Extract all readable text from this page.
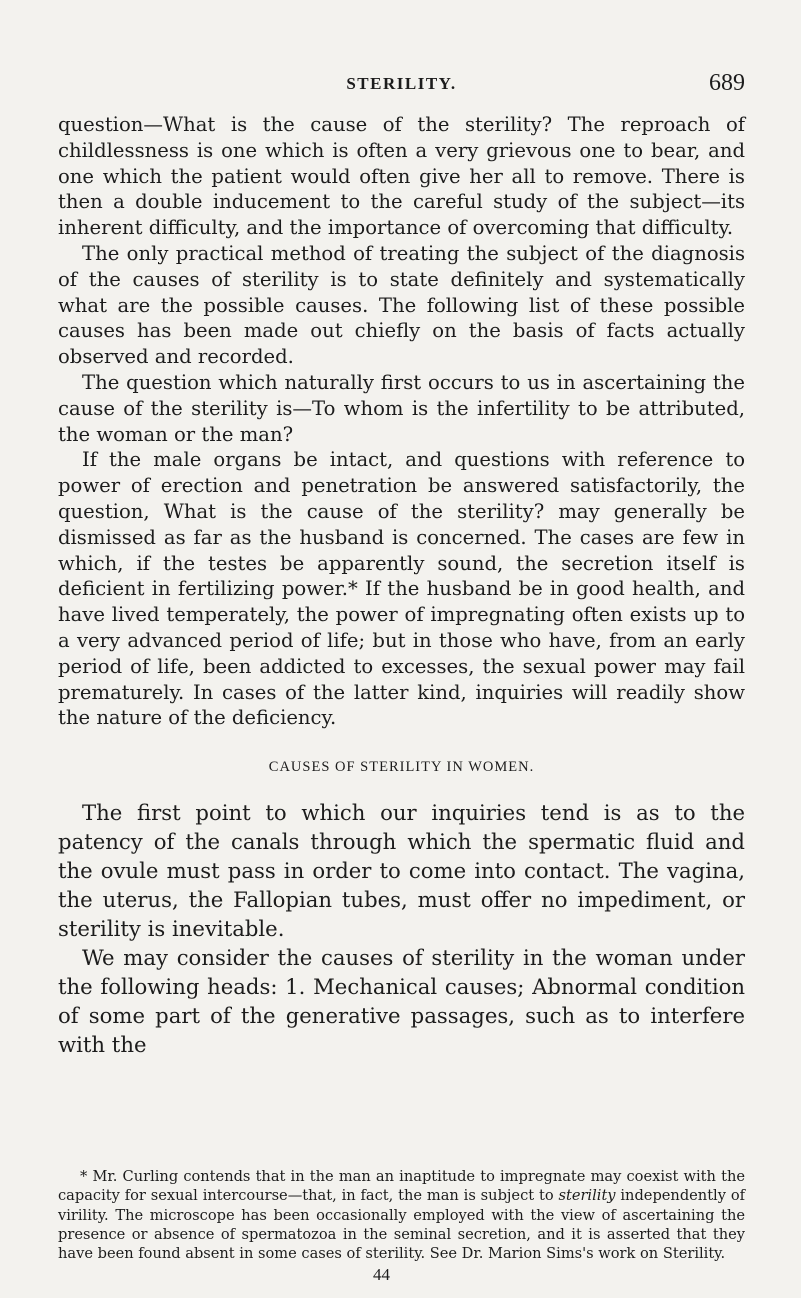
STERILITY.	689

question—What is the cause of the sterility? The reproach of childlessness is one which is often a very grievous one to bear, and one which the patient would often give her all to remove. There is then a double inducement to the careful study of the subject—its inherent difficulty, and the importance of overcoming that difficulty.

The only practical method of treating the subject of the diagnosis of the causes of sterility is to state definitely and systematically what are the possible causes. The following list of these possible causes has been made out chiefly on the basis of facts actually observed and recorded.

The question which naturally first occurs to us in ascertaining the cause of the sterility is—To whom is the infertility to be attributed, the woman or the man?

If the male organs be intact, and questions with reference to power of erection and penetration be answered satisfactorily, the question, What is the cause of the sterility? may generally be dismissed as far as the husband is concerned. The cases are few in which, if the testes be apparently sound, the secretion itself is deficient in fertilizing power.* If the husband be in good health, and have lived temperately, the power of impregnating often exists up to a very advanced period of life; but in those who have, from an early period of life, been addicted to excesses, the sexual power may fail prematurely. In cases of the latter kind, inquiries will readily show the nature of the deficiency.

CAUSES OF STERILITY IN WOMEN.

The first point to which our inquiries tend is as to the patency of the canals through which the spermatic fluid and the ovule must pass in order to come into contact. The vagina, the uterus, the Fallopian tubes, must offer no impediment, or sterility is inevitable.

We may consider the causes of sterility in the woman under the following heads: 1. Mechanical causes; Abnormal condition of some part of the generative passages, such as to interfere with the

* Mr. Curling contends that in the man an inaptitude to impregnate may coexist with the capacity for sexual intercourse—that, in fact, the man is subject to sterility independently of virility. The microscope has been occasionally employed with the view of ascertaining the presence or absence of spermatozoa in the seminal secretion, and it is asserted that they have been found absent in some cases of sterility. See Dr. Marion Sims's work on Sterility.

44
